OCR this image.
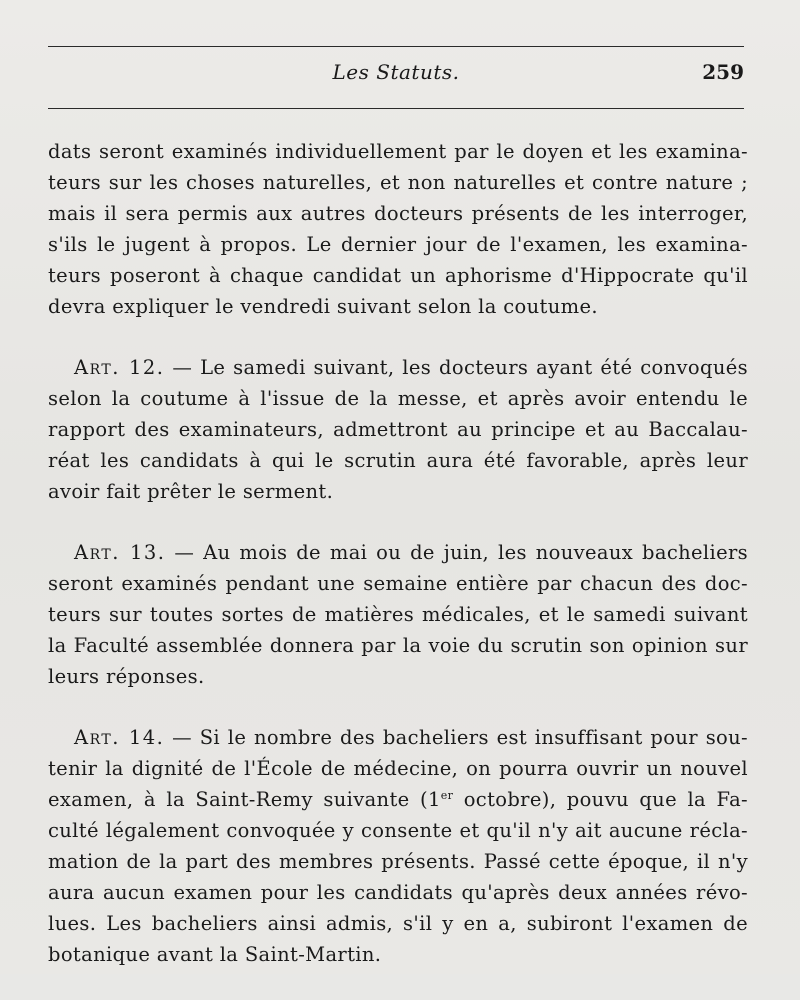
Les Statuts.	259
dats seront examinés individuellement par le doyen et les examina-
teurs sur les choses naturelles, et non naturelles et contre nature ;
mais il sera permis aux autres docteurs présents de les interroger,
s'ils le jugent à propos. Le dernier jour de l'examen, les examina-
teurs poseront à chaque candidat un aphorisme d'Hippocrate qu'il
devra expliquer le vendredi suivant selon la coutume.
Art. 12. — Le samedi suivant, les docteurs ayant été convoqués
selon la coutume à l'issue de la messe, et après avoir entendu le
rapport des examinateurs, admettront au principe et au Baccalau-
réat les candidats à qui le scrutin aura été favorable, après leur
avoir fait prêter le serment.
Art. 13. — Au mois de mai ou de juin, les nouveaux bacheliers
seront examinés pendant une semaine entière par chacun des doc-
teurs sur toutes sortes de matières médicales, et le samedi suivant
la Faculté assemblée donnera par la voie du scrutin son opinion sur
leurs réponses.
Art. 14. — Si le nombre des bacheliers est insuffisant pour sou-
tenir la dignité de l'École de médecine, on pourra ouvrir un nouvel
examen, à la Saint-Remy suivante (1er octobre), pouvu que la Fa-
culté légalement convoquée y consente et qu'il n'y ait aucune récla-
mation de la part des membres présents. Passé cette époque, il n'y
aura aucun examen pour les candidats qu'après deux années révo-
lues. Les bacheliers ainsi admis, s'il y en a, subiront l'examen de
botanique avant la Saint-Martin.
